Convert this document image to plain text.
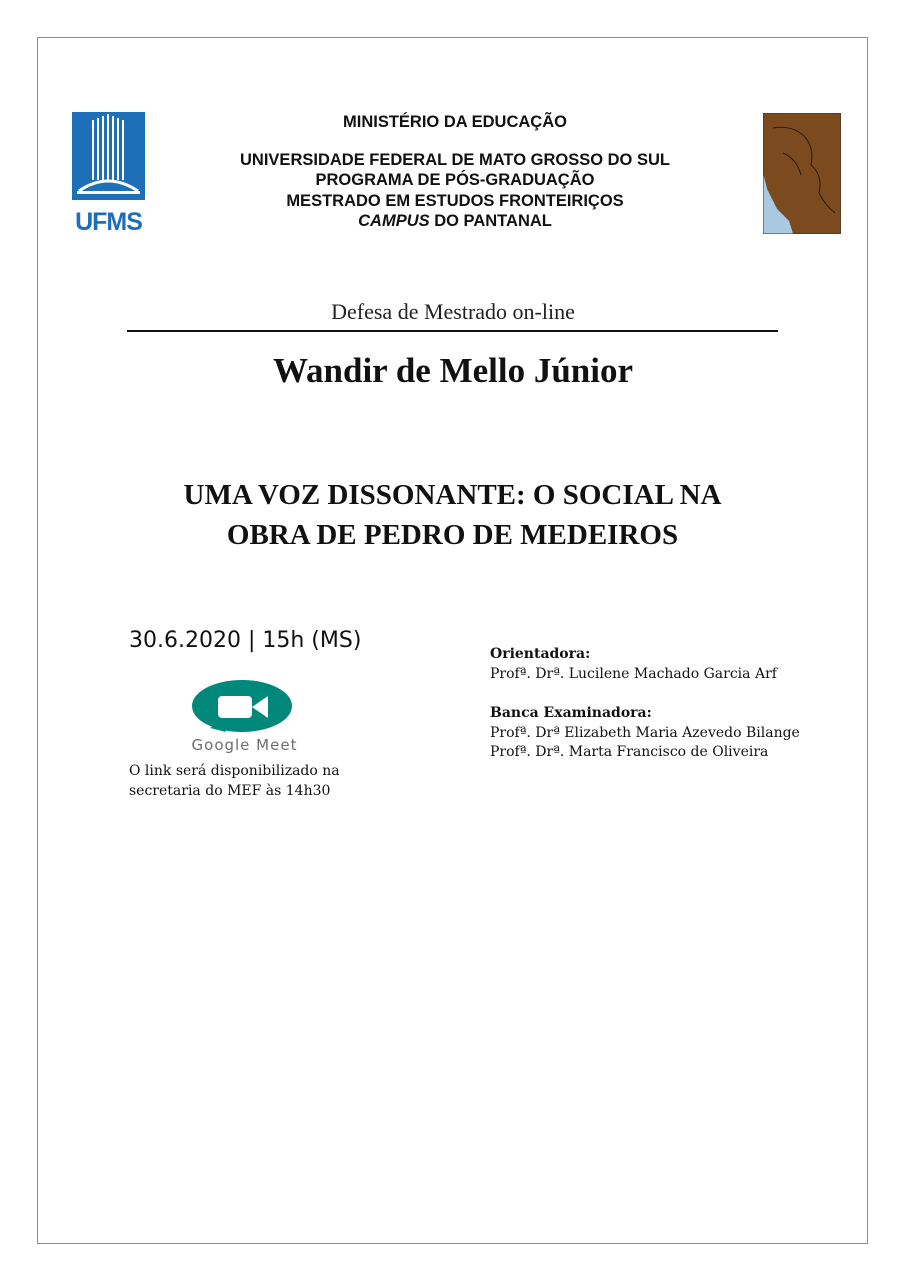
UFMS
MINISTÉRIO DA EDUCAÇÃO
UNIVERSIDADE FEDERAL DE MATO GROSSO DO SUL
PROGRAMA DE PÓS-GRADUAÇÃO
MESTRADO EM ESTUDOS FRONTEIRIÇOS
CAMPUS DO PANTANAL
Defesa de Mestrado on-line
Wandir de Mello Júnior
UMA VOZ DISSONANTE: O SOCIAL NA
OBRA DE PEDRO DE MEDEIROS
30.6.2020 | 15h (MS)
Google Meet
O link será disponibilizado na
secretaria do MEF às 14h30
Orientadora:
Profª. Drª. Lucilene Machado Garcia Arf
Banca Examinadora:
Profª. Drª Elizabeth Maria Azevedo Bilange
Profª. Drª. Marta Francisco de Oliveira
